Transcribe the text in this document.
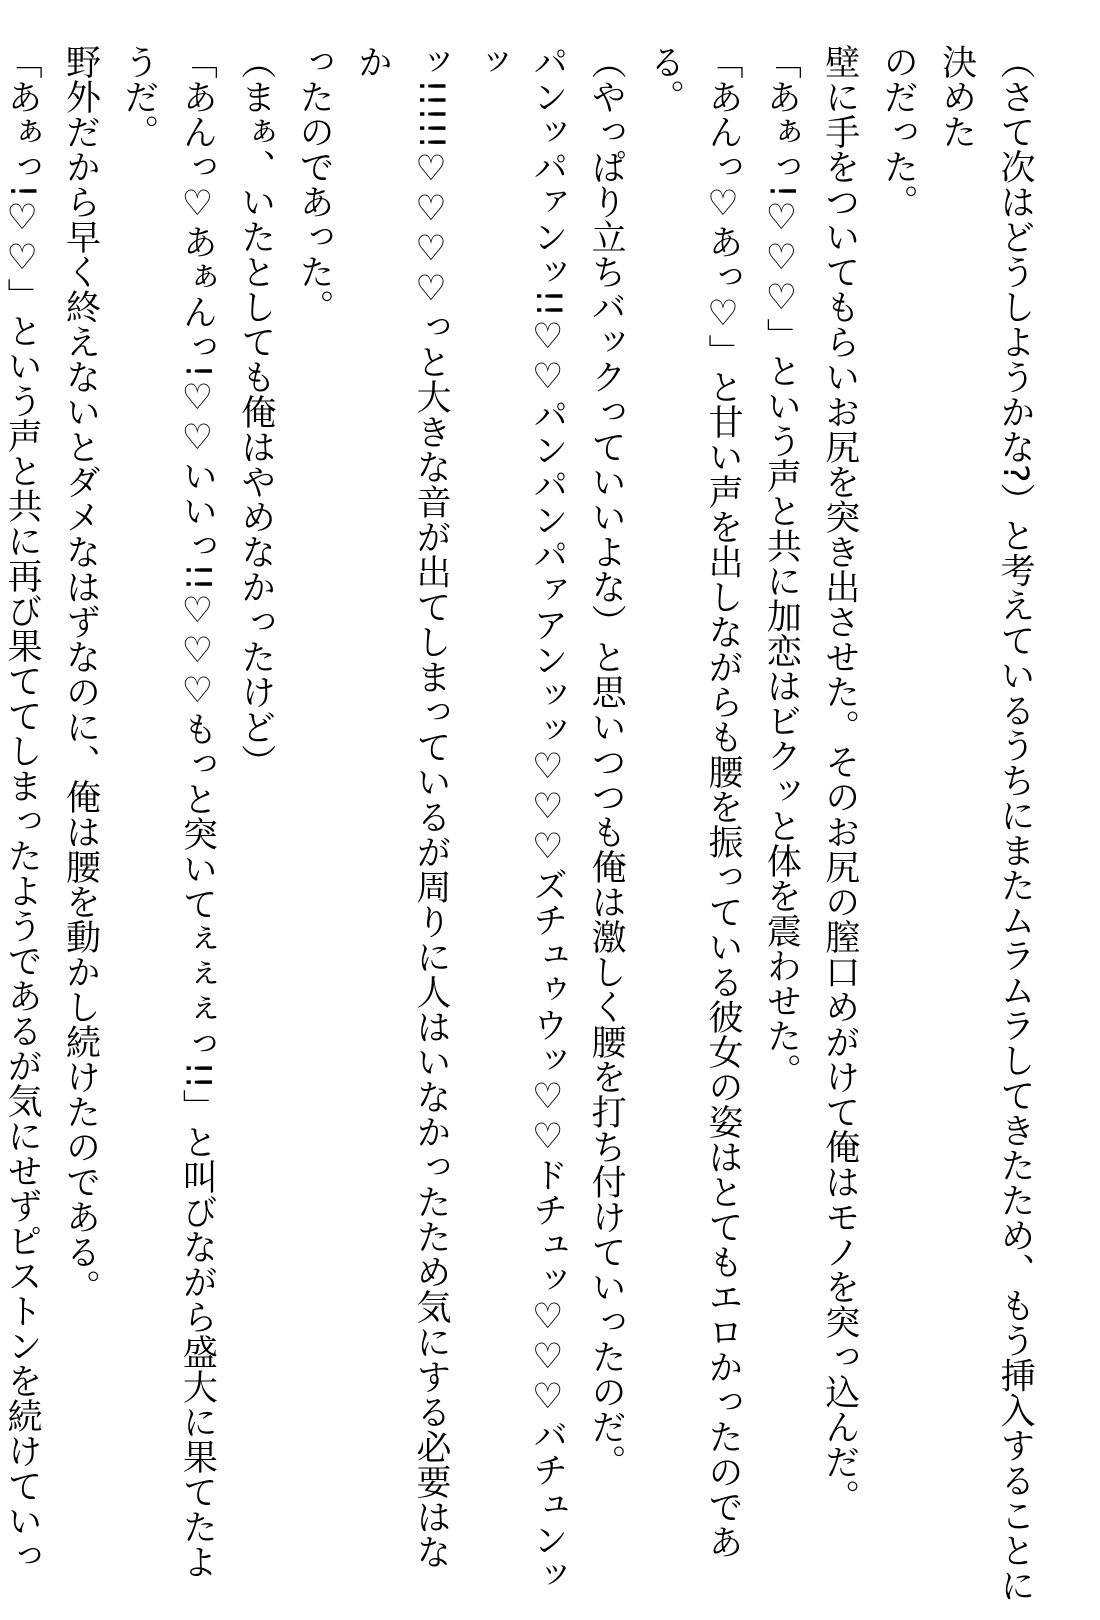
（さて次はどうしようかな?）と考えているうちにまたムラムラしてきたため、もう挿入することに決めた
のだった。
壁に手をついてもらいお尻を突き出させた。そのお尻の膣口めがけて俺はモノを突っ込んだ。
「あぁっ!♡♡♡」という声と共に加恋はビクッと体を震わせた。
「あんっ♡あっ♡」と甘い声を出しながらも腰を振っている彼女の姿はとてもエロかったのである。
（やっぱり立ちバックっていいよな）と思いつつも俺は激しく腰を打ち付けていったのだ。
パンッパァンッ!!♡♡パンパンパァアンッッ♡♡♡ズチュゥウッ♡♡ドチュッ♡♡♡バチュンッッ
ッ!!!!!♡♡♡♡っと大きな音が出てしまっているが周りに人はいなかったため気にする必要はなか
ったのであった。
（まぁ、いたとしても俺はやめなかったけど）
「あんっ♡あぁんっ!♡♡いいっ!!♡♡♡もっと突いてぇぇぇっ!!」と叫びながら盛大に果てたよ
うだ。
野外だから早く終えないとダメなはずなのに、俺は腰を動かし続けたのである。
「あぁっ!♡♡」という声と共に再び果ててしまったようであるが気にせずピストンを続けていっ
